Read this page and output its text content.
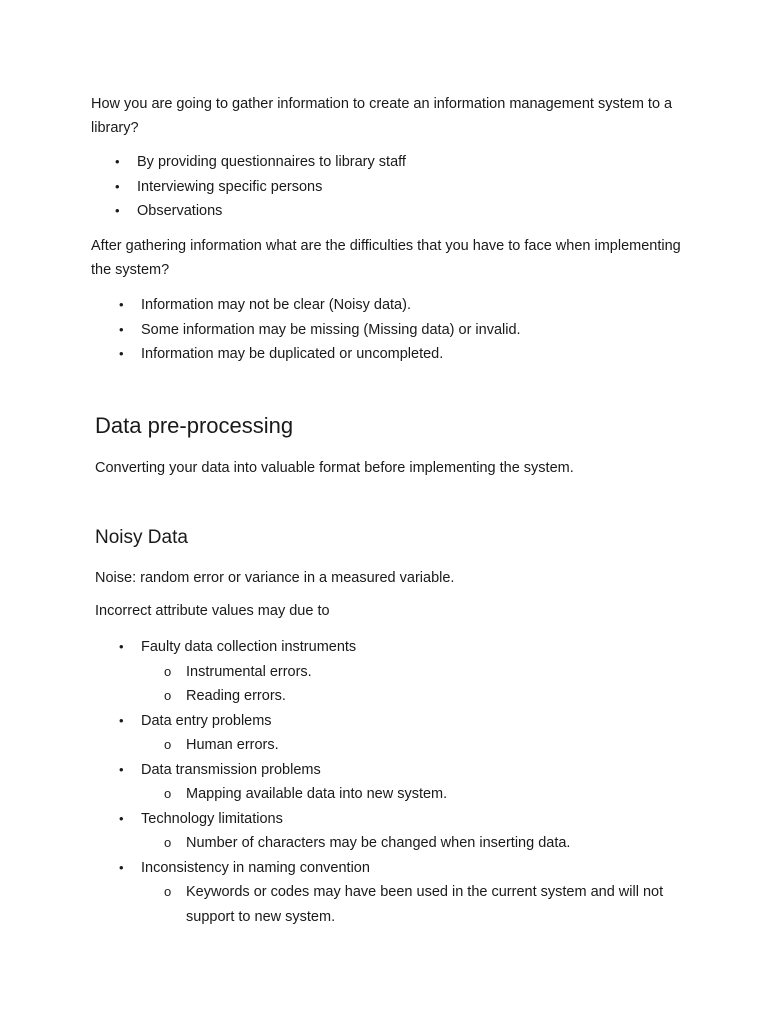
How you are going to gather information to create an information management system to a library?

• By providing questionnaires to library staff
• Interviewing specific persons
• Observations

After gathering information what are the difficulties that you have to face when implementing the system?

• Information may not be clear (Noisy data).
• Some information may be missing (Missing data) or invalid.
• Information may be duplicated or uncompleted.
Data pre-processing

Converting your data into valuable format before implementing the system.

Noisy Data

Noise: random error or variance in a measured variable.

Incorrect attribute values may due to

• Faulty data collection instruments
o Instrumental errors.
o Reading errors.
• Data entry problems
o Human errors.
• Data transmission problems
o Mapping available data into new system.
• Technology limitations
o Number of characters may be changed when inserting data.
• Inconsistency in naming convention
o Keywords or codes may have been used in the current system and will not support to new system.
